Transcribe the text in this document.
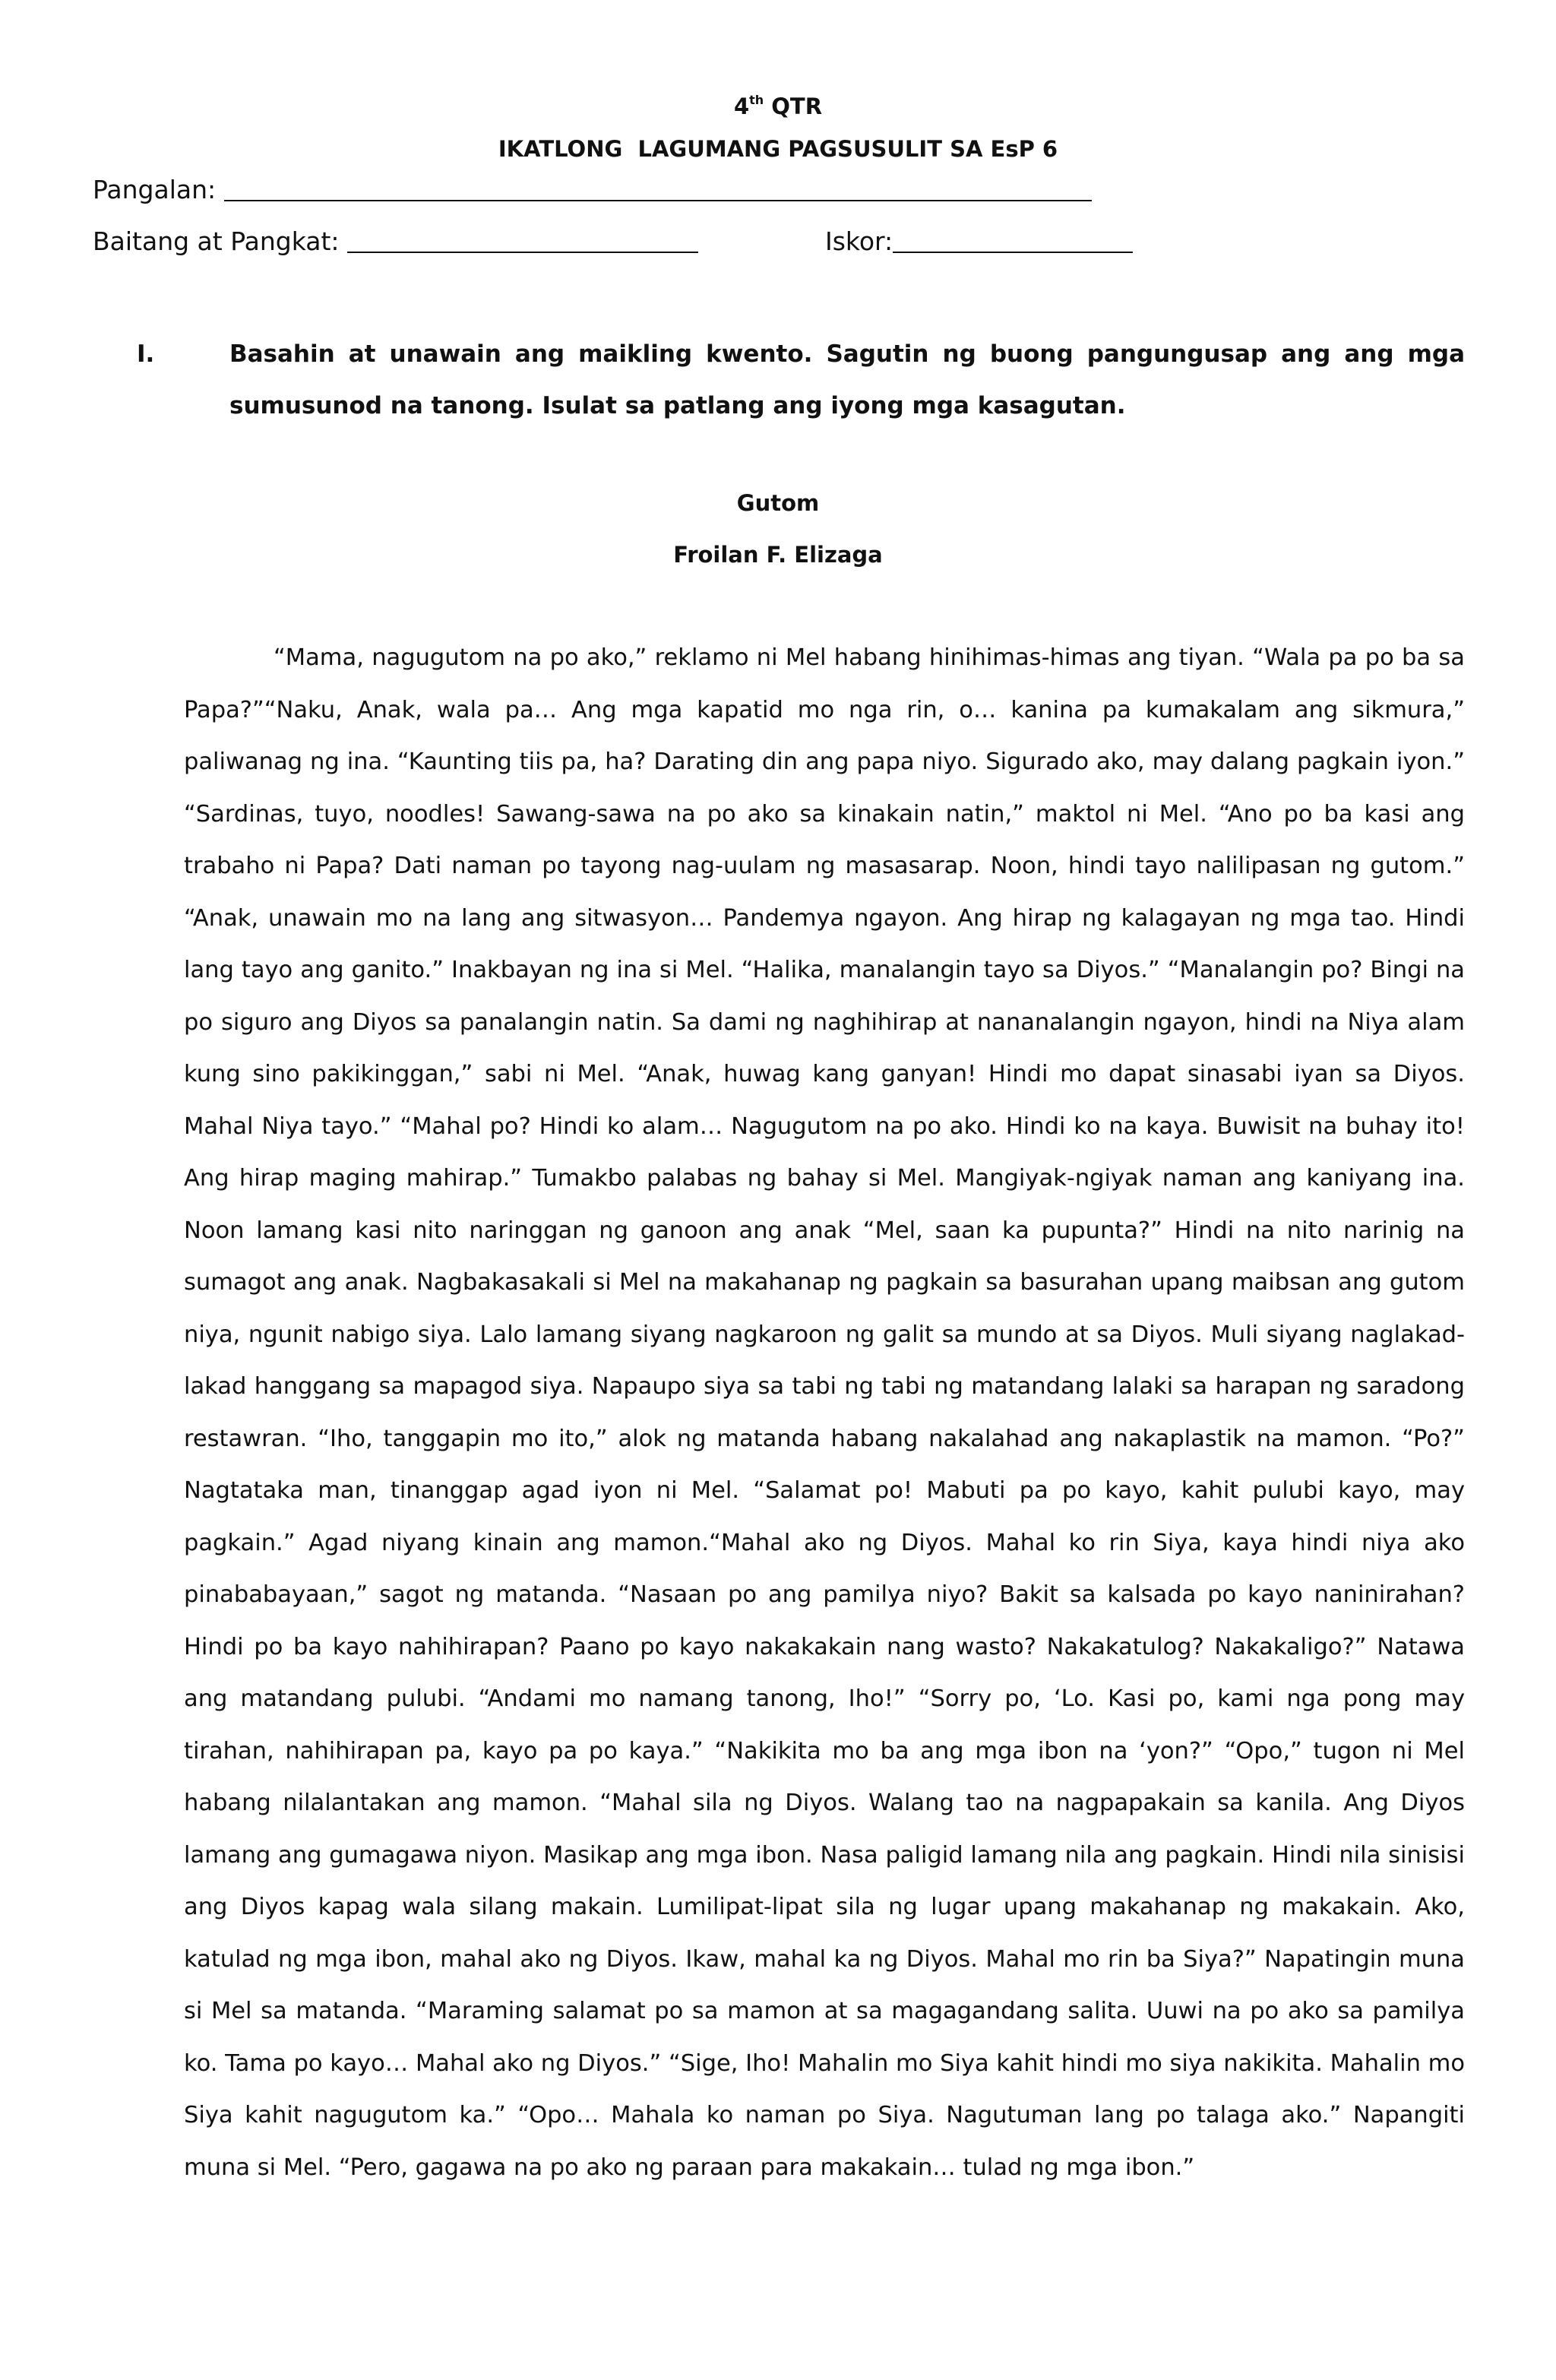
4th QTR
IKATLONG  LAGUMANG PAGSUSULIT SA EsP 6
Pangalan:
Baitang at Pangkat:	Iskor:
I.	Basahin at unawain ang maikling kwento. Sagutin ng buong pangungusap ang ang mga sumusunod na tanong. Isulat sa patlang ang iyong mga kasagutan.
Gutom
Froilan F. Elizaga

“Mama, nagugutom na po ako,” reklamo ni Mel habang hinihimas-himas ang tiyan. “Wala pa po ba sa Papa?”“Naku, Anak, wala pa… Ang mga kapatid mo nga rin, o… kanina pa kumakalam ang sikmura,” paliwanag ng ina. “Kaunting tiis pa, ha? Darating din ang papa niyo. Sigurado ako, may dalang pagkain iyon.” “Sardinas, tuyo, noodles! Sawang-sawa na po ako sa kinakain natin,” maktol ni Mel. “Ano po ba kasi ang trabaho ni Papa? Dati naman po tayong nag-uulam ng masasarap. Noon, hindi tayo nalilipasan ng gutom.” “Anak, unawain mo na lang ang sitwasyon… Pandemya ngayon. Ang hirap ng kalagayan ng mga tao. Hindi lang tayo ang ganito.” Inakbayan ng ina si Mel. “Halika, manalangin tayo sa Diyos.” “Manalangin po? Bingi na po siguro ang Diyos sa panalangin natin. Sa dami ng naghihirap at nananalangin ngayon, hindi na Niya alam kung sino pakikinggan,” sabi ni Mel. “Anak, huwag kang ganyan! Hindi mo dapat sinasabi iyan sa Diyos. Mahal Niya tayo.” “Mahal po? Hindi ko alam… Nagugutom na po ako. Hindi ko na kaya. Buwisit na buhay ito! Ang hirap maging mahirap.” Tumakbo palabas ng bahay si Mel. Mangiyak-ngiyak naman ang kaniyang ina. Noon lamang kasi nito naringgan ng ganoon ang anak “Mel, saan ka pupunta?” Hindi na nito narinig na sumagot ang anak. Nagbakasakali si Mel na makahanap ng pagkain sa basurahan upang maibsan ang gutom niya, ngunit nabigo siya. Lalo lamang siyang nagkaroon ng galit sa mundo at sa Diyos. Muli siyang naglakad-lakad hanggang sa mapagod siya. Napaupo siya sa tabi ng tabi ng matandang lalaki sa harapan ng saradong restawran. “Iho, tanggapin mo ito,” alok ng matanda habang nakalahad ang nakaplastik na mamon. “Po?” Nagtataka man, tinanggap agad iyon ni Mel. “Salamat po! Mabuti pa po kayo, kahit pulubi kayo, may pagkain.” Agad niyang kinain ang mamon.“Mahal ako ng Diyos. Mahal ko rin Siya, kaya hindi niya ako pinababayaan,” sagot ng matanda. “Nasaan po ang pamilya niyo? Bakit sa kalsada po kayo naninirahan? Hindi po ba kayo nahihirapan? Paano po kayo nakakakain nang wasto? Nakakatulog? Nakakaligo?” Natawa ang matandang pulubi. “Andami mo namang tanong, Iho!” “Sorry po, ‘Lo. Kasi po, kami nga pong may tirahan, nahihirapan pa, kayo pa po kaya.” “Nakikita mo ba ang mga ibon na ‘yon?” “Opo,” tugon ni Mel habang nilalantakan ang mamon. “Mahal sila ng Diyos. Walang tao na nagpapakain sa kanila. Ang Diyos lamang ang gumagawa niyon. Masikap ang mga ibon. Nasa paligid lamang nila ang pagkain. Hindi nila sinisisi ang Diyos kapag wala silang makain. Lumilipat-lipat sila ng lugar upang makahanap ng makakain. Ako, katulad ng mga ibon, mahal ako ng Diyos. Ikaw, mahal ka ng Diyos. Mahal mo rin ba Siya?” Napatingin muna si Mel sa matanda. “Maraming salamat po sa mamon at sa magagandang salita. Uuwi na po ako sa pamilya ko. Tama po kayo… Mahal ako ng Diyos.” “Sige, Iho! Mahalin mo Siya kahit hindi mo siya nakikita. Mahalin mo Siya kahit nagugutom ka.” “Opo… Mahala ko naman po Siya. Nagutuman lang po talaga ako.” Napangiti muna si Mel. “Pero, gagawa na po ako ng paraan para makakain… tulad ng mga ibon.”
